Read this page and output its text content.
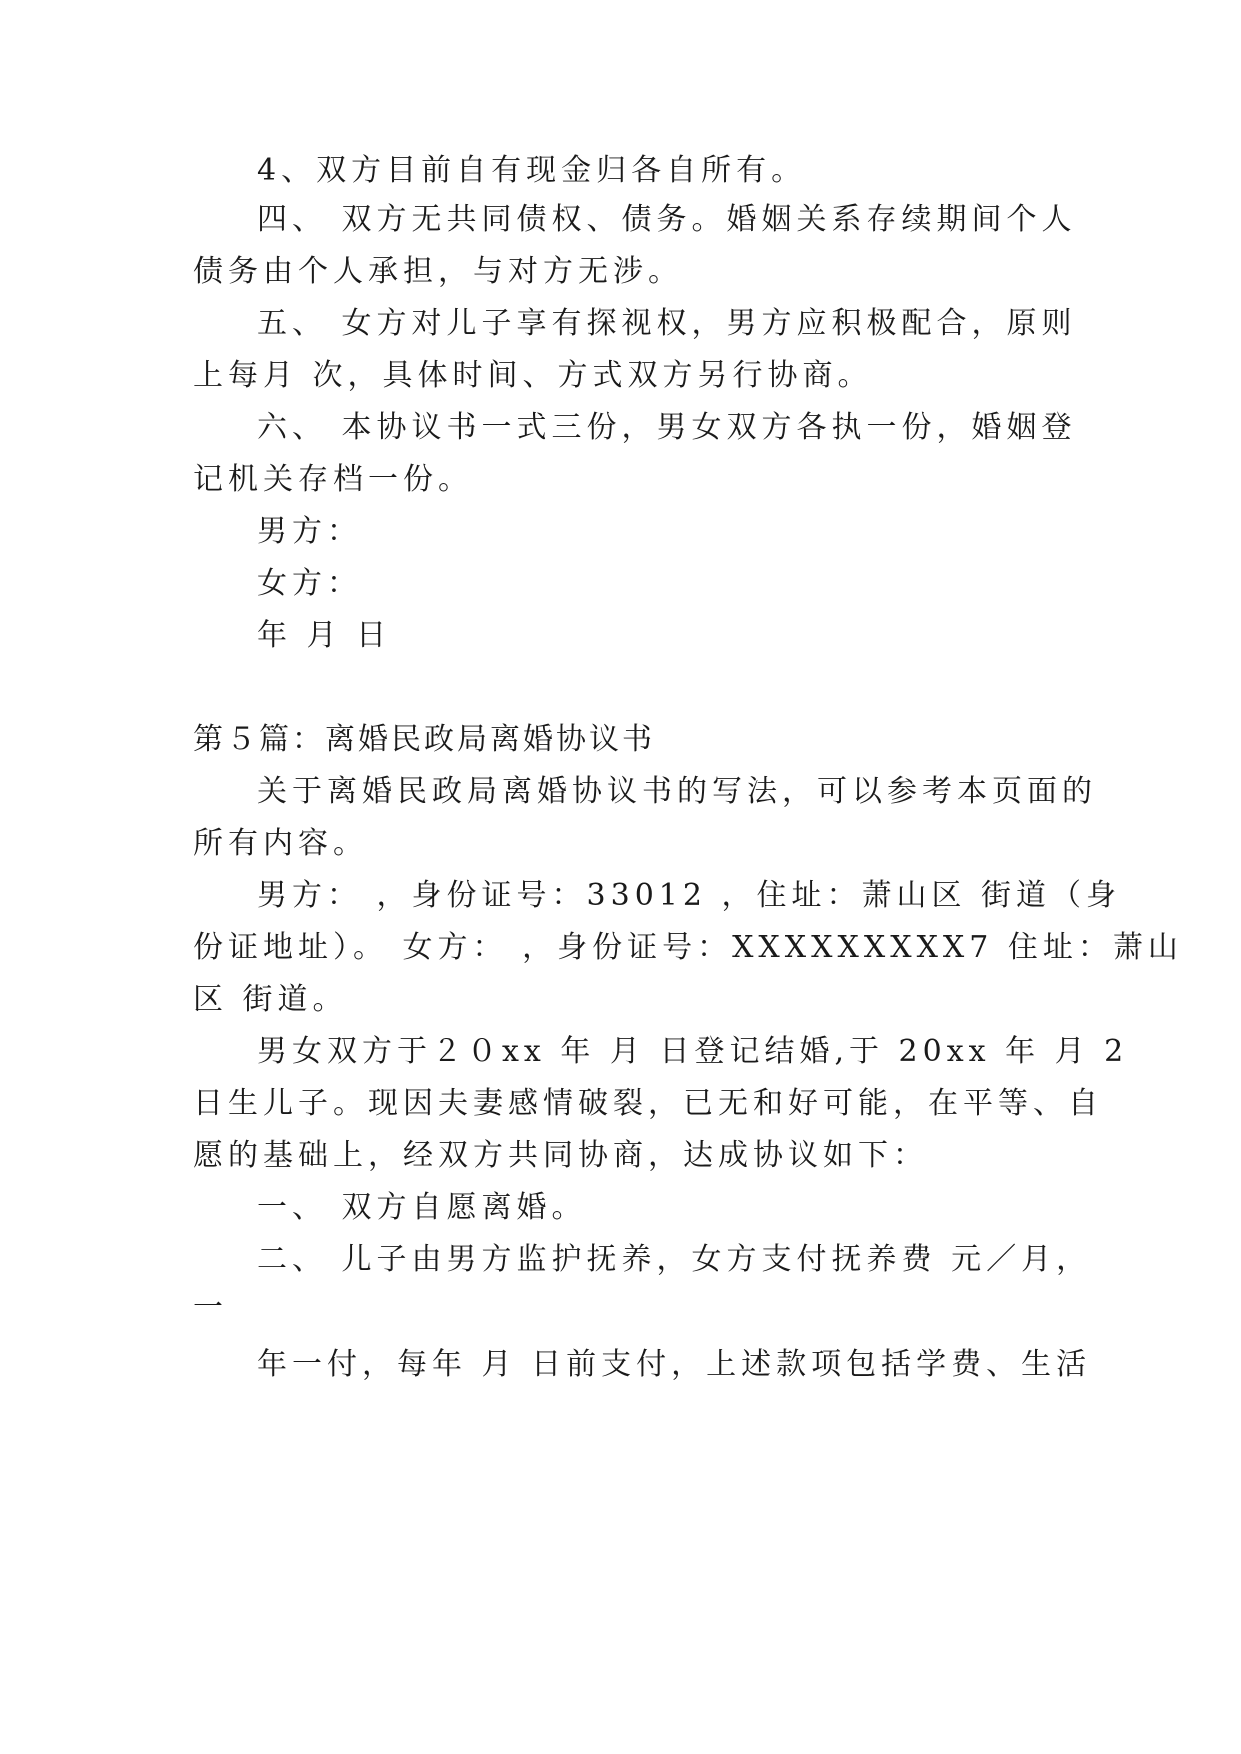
4、双方目前自有现金归各自所有。
四、 双方无共同债权、债务。婚姻关系存续期间个人
债务由个人承担，与对方无涉。
五、 女方对儿子享有探视权，男方应积极配合，原则
上每月 次，具体时间、方式双方另行协商。
六、 本协议书一式三份，男女双方各执一份，婚姻登
记机关存档一份。
男方：
女方：
年 月 日
第５篇：离婚民政局离婚协议书
关于离婚民政局离婚协议书的写法，可以参考本页面的
所有内容。
男方： ，身份证号：33012 ，住址：萧山区 街道（身
份证地址）。 女方： ，身份证号：XXXXXXXXX7 住址：萧山
区 街道。
男女双方于２０xx 年 月 日登记结婚,于 20xx 年 月 2
日生儿子。现因夫妻感情破裂，已无和好可能，在平等、自
愿的基础上，经双方共同协商，达成协议如下：
一、 双方自愿离婚。
二、 儿子由男方监护抚养，女方支付抚养费 元／月，
一
年一付，每年 月 日前支付，上述款项包括学费、生活
